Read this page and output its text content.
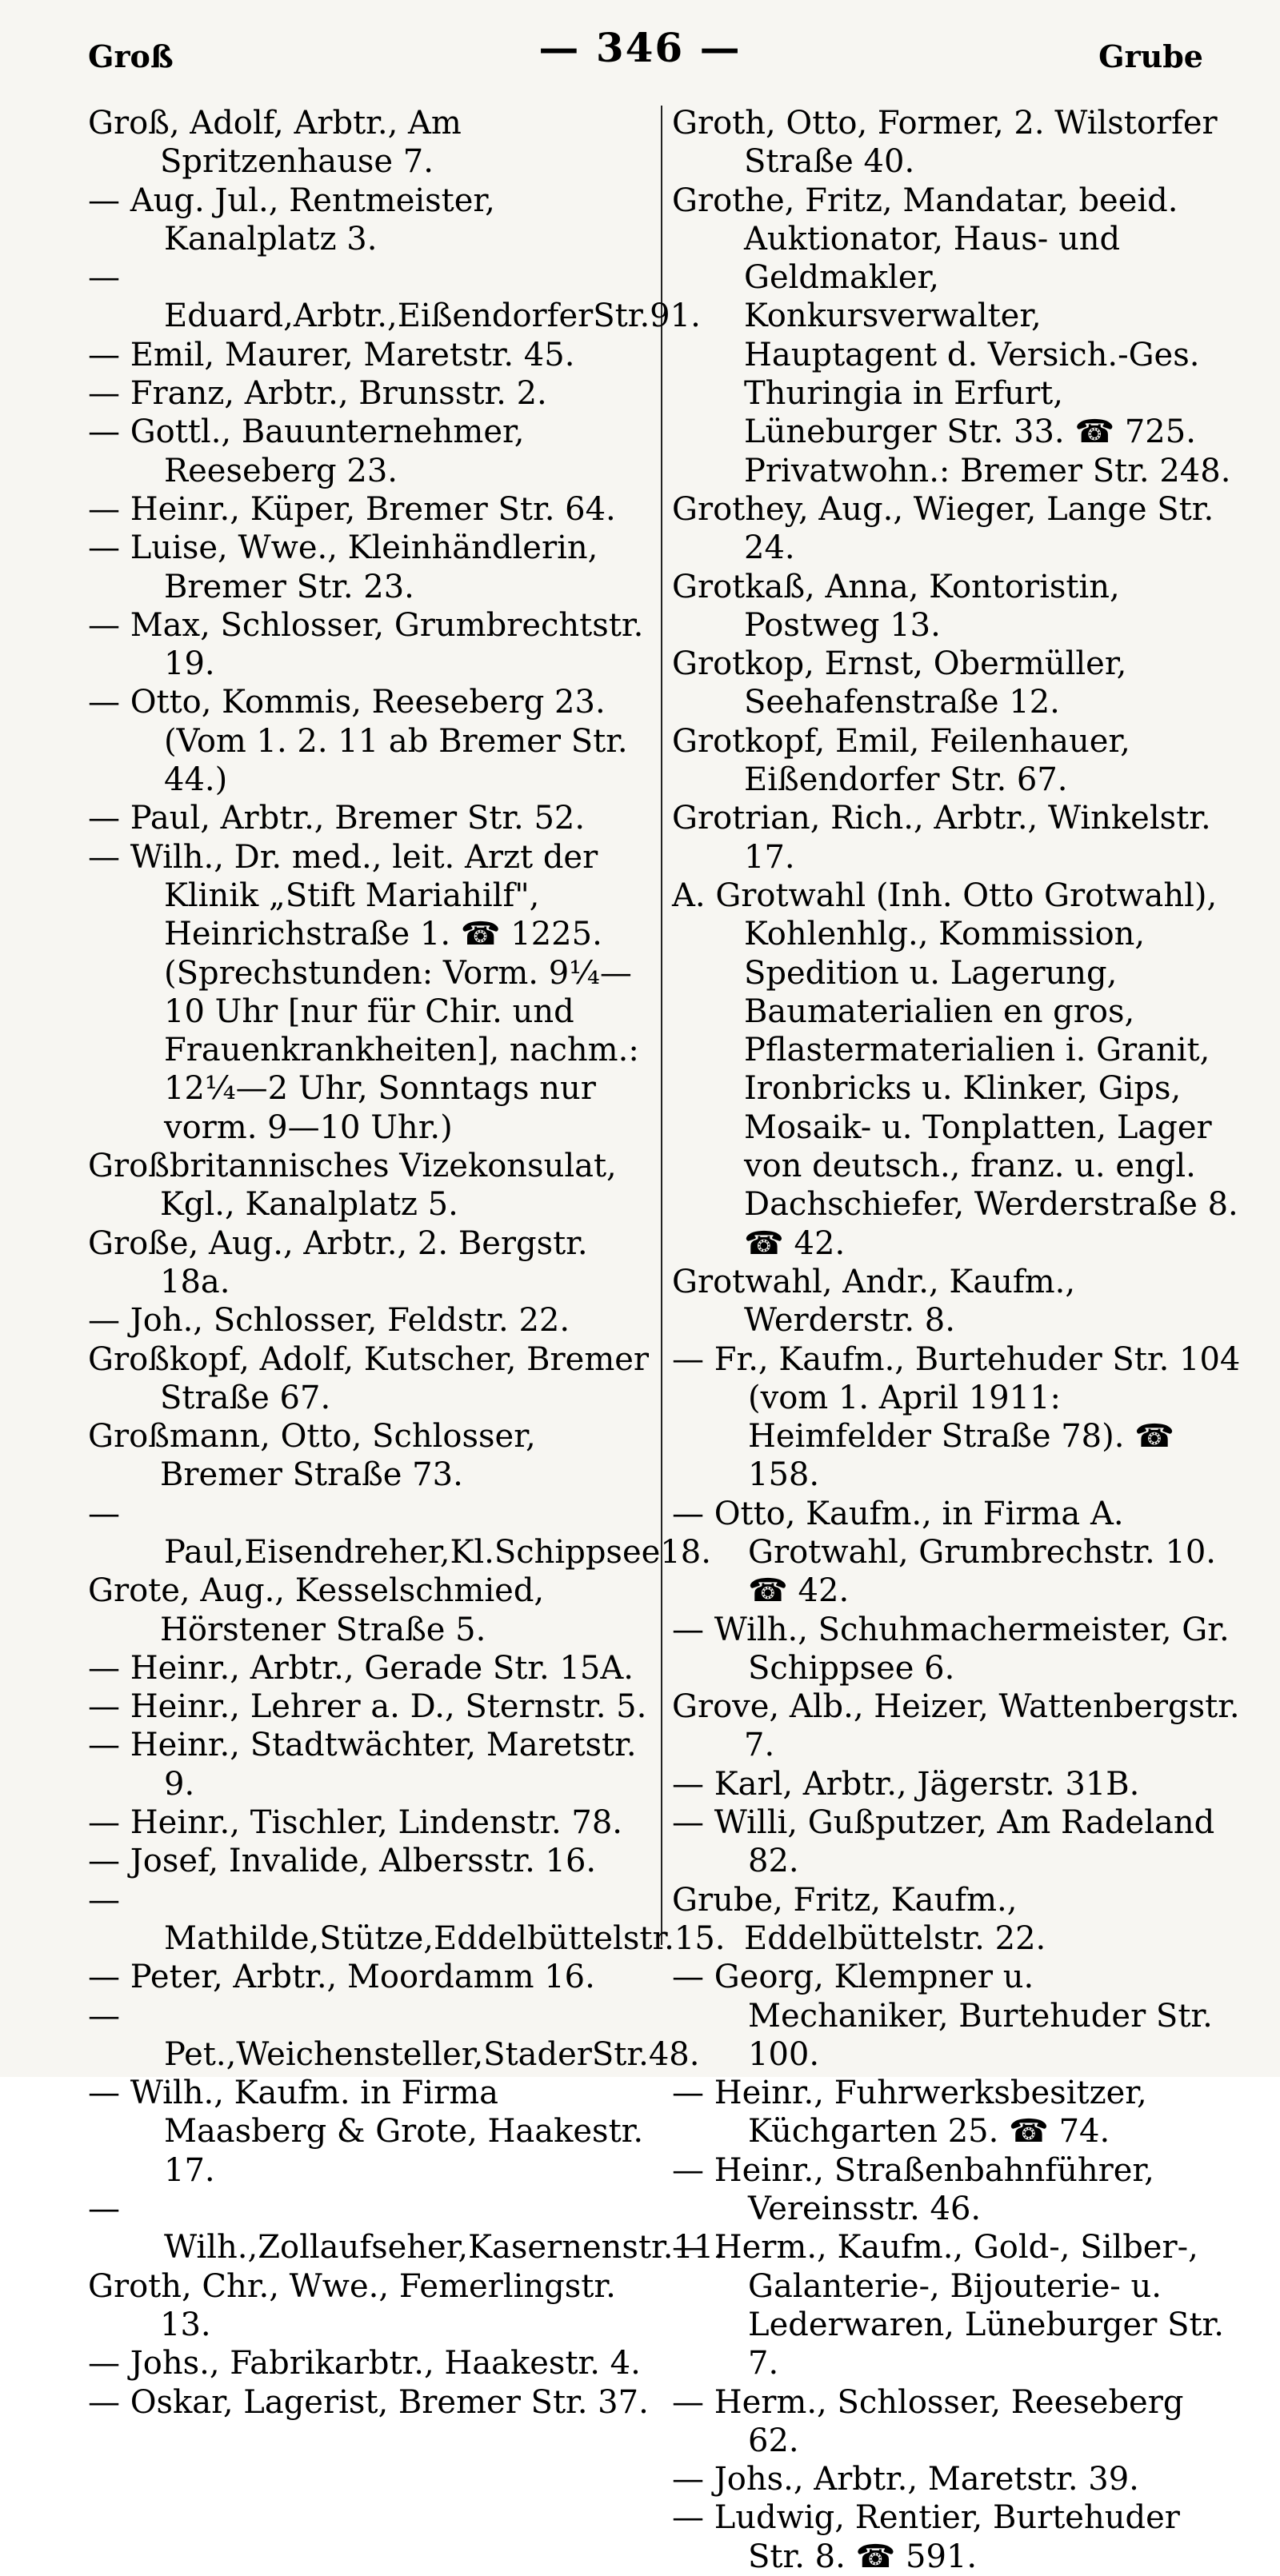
Groß	— 346 —	Grube
Groß, Adolf, Arbtr., Am Spritzenhause 7.
— Aug. Jul., Rentmeister, Kanalplatz 3.
— Eduard,Arbtr.,EißendorferStr.91.
— Emil, Maurer, Maretstr. 45.
— Franz, Arbtr., Brunsstr. 2.
— Gottl., Bauunternehmer, Reeseberg 23.
— Heinr., Küper, Bremer Str. 64.
— Luise, Wwe., Kleinhändlerin, Bremer Str. 23.
— Max, Schlosser, Grumbrechtstr. 19.
— Otto, Kommis, Reeseberg 23. (Vom 1. 2. 11 ab Bremer Str. 44.)
— Paul, Arbtr., Bremer Str. 52.
— Wilh., Dr. med., leit. Arzt der Klinik „Stift Mariahilf", Heinrichstraße 1. ☎ 1225. (Sprechstunden: Vorm. 9¼—10 Uhr [nur für Chir. und Frauenkrankheiten], nachm.: 12¼—2 Uhr, Sonntags nur vorm. 9—10 Uhr.)
Großbritannisches Vizekonsulat, Kgl., Kanalplatz 5.
Große, Aug., Arbtr., 2. Bergstr. 18a.
— Joh., Schlosser, Feldstr. 22.
Großkopf, Adolf, Kutscher, Bremer Straße 67.
Großmann, Otto, Schlosser, Bremer Straße 73.
— Paul,Eisendreher,Kl.Schippsee18.
Grote, Aug., Kesselschmied, Hörstener Straße 5.
— Heinr., Arbtr., Gerade Str. 15A.
— Heinr., Lehrer a. D., Sternstr. 5.
— Heinr., Stadtwächter, Maretstr. 9.
— Heinr., Tischler, Lindenstr. 78.
— Josef, Invalide, Albersstr. 16.
— Mathilde,Stütze,Eddelbüttelstr.15.
— Peter, Arbtr., Moordamm 16.
— Pet.,Weichensteller,StaderStr.48.
— Wilh., Kaufm. in Firma Maasberg & Grote, Haakestr. 17.
— Wilh.,Zollaufseher,Kasernenstr.11.
Groth, Chr., Wwe., Femerlingstr. 13.
— Johs., Fabrikarbtr., Haakestr. 4.
— Oskar, Lagerist, Bremer Str. 37.
Groth, Otto, Former, 2. Wilstorfer Straße 40.
Grothe, Fritz, Mandatar, beeid. Auktionator, Haus- und Geldmakler, Konkursverwalter, Hauptagent d. Versich.-Ges. Thuringia in Erfurt, Lüneburger Str. 33. ☎ 725. Privatwohn.: Bremer Str. 248.
Grothey, Aug., Wieger, Lange Str. 24.
Grotkaß, Anna, Kontoristin, Postweg 13.
Grotkop, Ernst, Obermüller, Seehafenstraße 12.
Grotkopf, Emil, Feilenhauer, Eißendorfer Str. 67.
Grotrian, Rich., Arbtr., Winkelstr. 17.
A. Grotwahl (Inh. Otto Grotwahl), Kohlenhlg., Kommission, Spedition u. Lagerung, Baumaterialien en gros, Pflastermaterialien i. Granit, Ironbricks u. Klinker, Gips, Mosaik- u. Tonplatten, Lager von deutsch., franz. u. engl. Dachschiefer, Werderstraße 8. ☎ 42.
Grotwahl, Andr., Kaufm., Werderstr. 8.
— Fr., Kaufm., Burtehuder Str. 104 (vom 1. April 1911: Heimfelder Straße 78). ☎ 158.
— Otto, Kaufm., in Firma A. Grotwahl, Grumbrechstr. 10. ☎ 42.
— Wilh., Schuhmachermeister, Gr. Schippsee 6.
Grove, Alb., Heizer, Wattenbergstr. 7.
— Karl, Arbtr., Jägerstr. 31B.
— Willi, Gußputzer, Am Radeland 82.
Grube, Fritz, Kaufm., Eddelbüttelstr. 22.
— Georg, Klempner u. Mechaniker, Burtehuder Str. 100.
— Heinr., Fuhrwerksbesitzer, Küchgarten 25. ☎ 74.
— Heinr., Straßenbahnführer, Vereinsstr. 46.
— Herm., Kaufm., Gold-, Silber-, Galanterie-, Bijouterie- u. Lederwaren, Lüneburger Str. 7.
— Herm., Schlosser, Reeseberg 62.
— Johs., Arbtr., Maretstr. 39.
— Ludwig, Rentier, Burtehuder Str. 8. ☎ 591.
